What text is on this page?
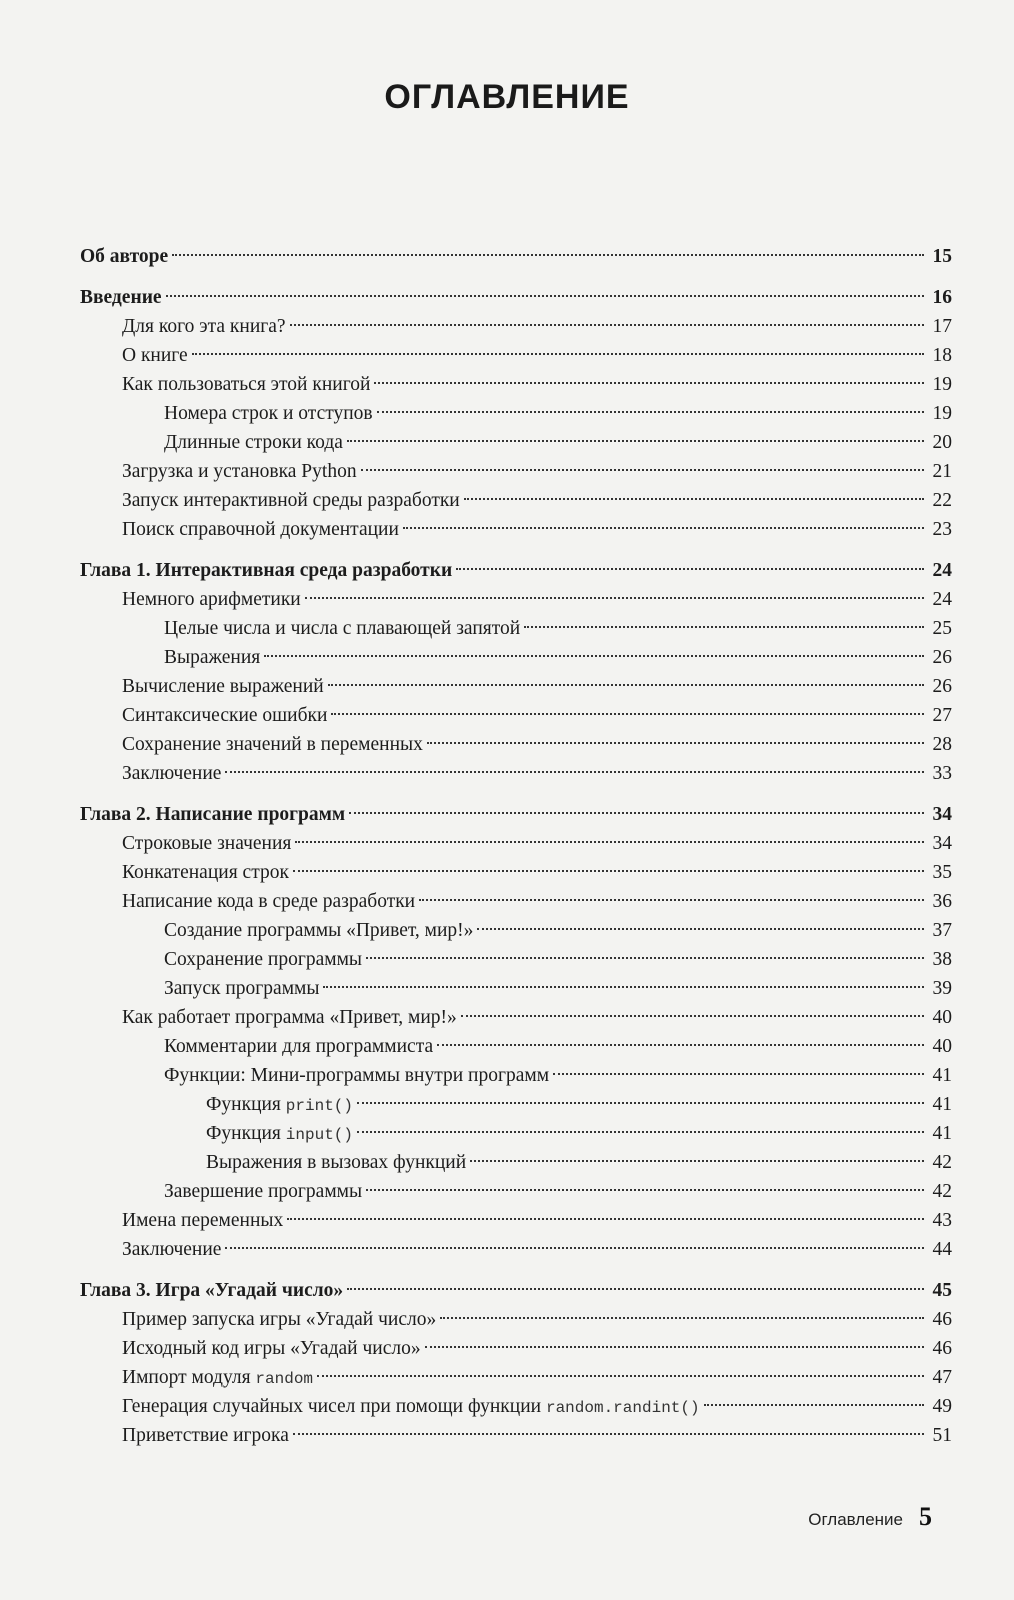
ОГЛАВЛЕНИЕ
Об авторе	15
Введение	16
Для кого эта книга?	17
О книге	18
Как пользоваться этой книгой	19
Номера строк и отступов	19
Длинные строки кода	20
Загрузка и установка Python	21
Запуск интерактивной среды разработки	22
Поиск справочной документации	23
Глава 1. Интерактивная среда разработки	24
Немного арифметики	24
Целые числа и числа с плавающей запятой	25
Выражения	26
Вычисление выражений	26
Синтаксические ошибки	27
Сохранение значений в переменных	28
Заключение	33
Глава 2. Написание программ	34
Строковые значения	34
Конкатенация строк	35
Написание кода в среде разработки	36
Создание программы «Привет, мир!»	37
Сохранение программы	38
Запуск программы	39
Как работает программа «Привет, мир!»	40
Комментарии для программиста	40
Функции: Мини-программы внутри программ	41
Функция print()	41
Функция input()	41
Выражения в вызовах функций	42
Завершение программы	42
Имена переменных	43
Заключение	44
Глава 3. Игра «Угадай число»	45
Пример запуска игры «Угадай число»	46
Исходный код игры «Угадай число»	46
Импорт модуля random	47
Генерация случайных чисел при помощи функции random.randint()	49
Приветствие игрока	51
Оглавление 5
